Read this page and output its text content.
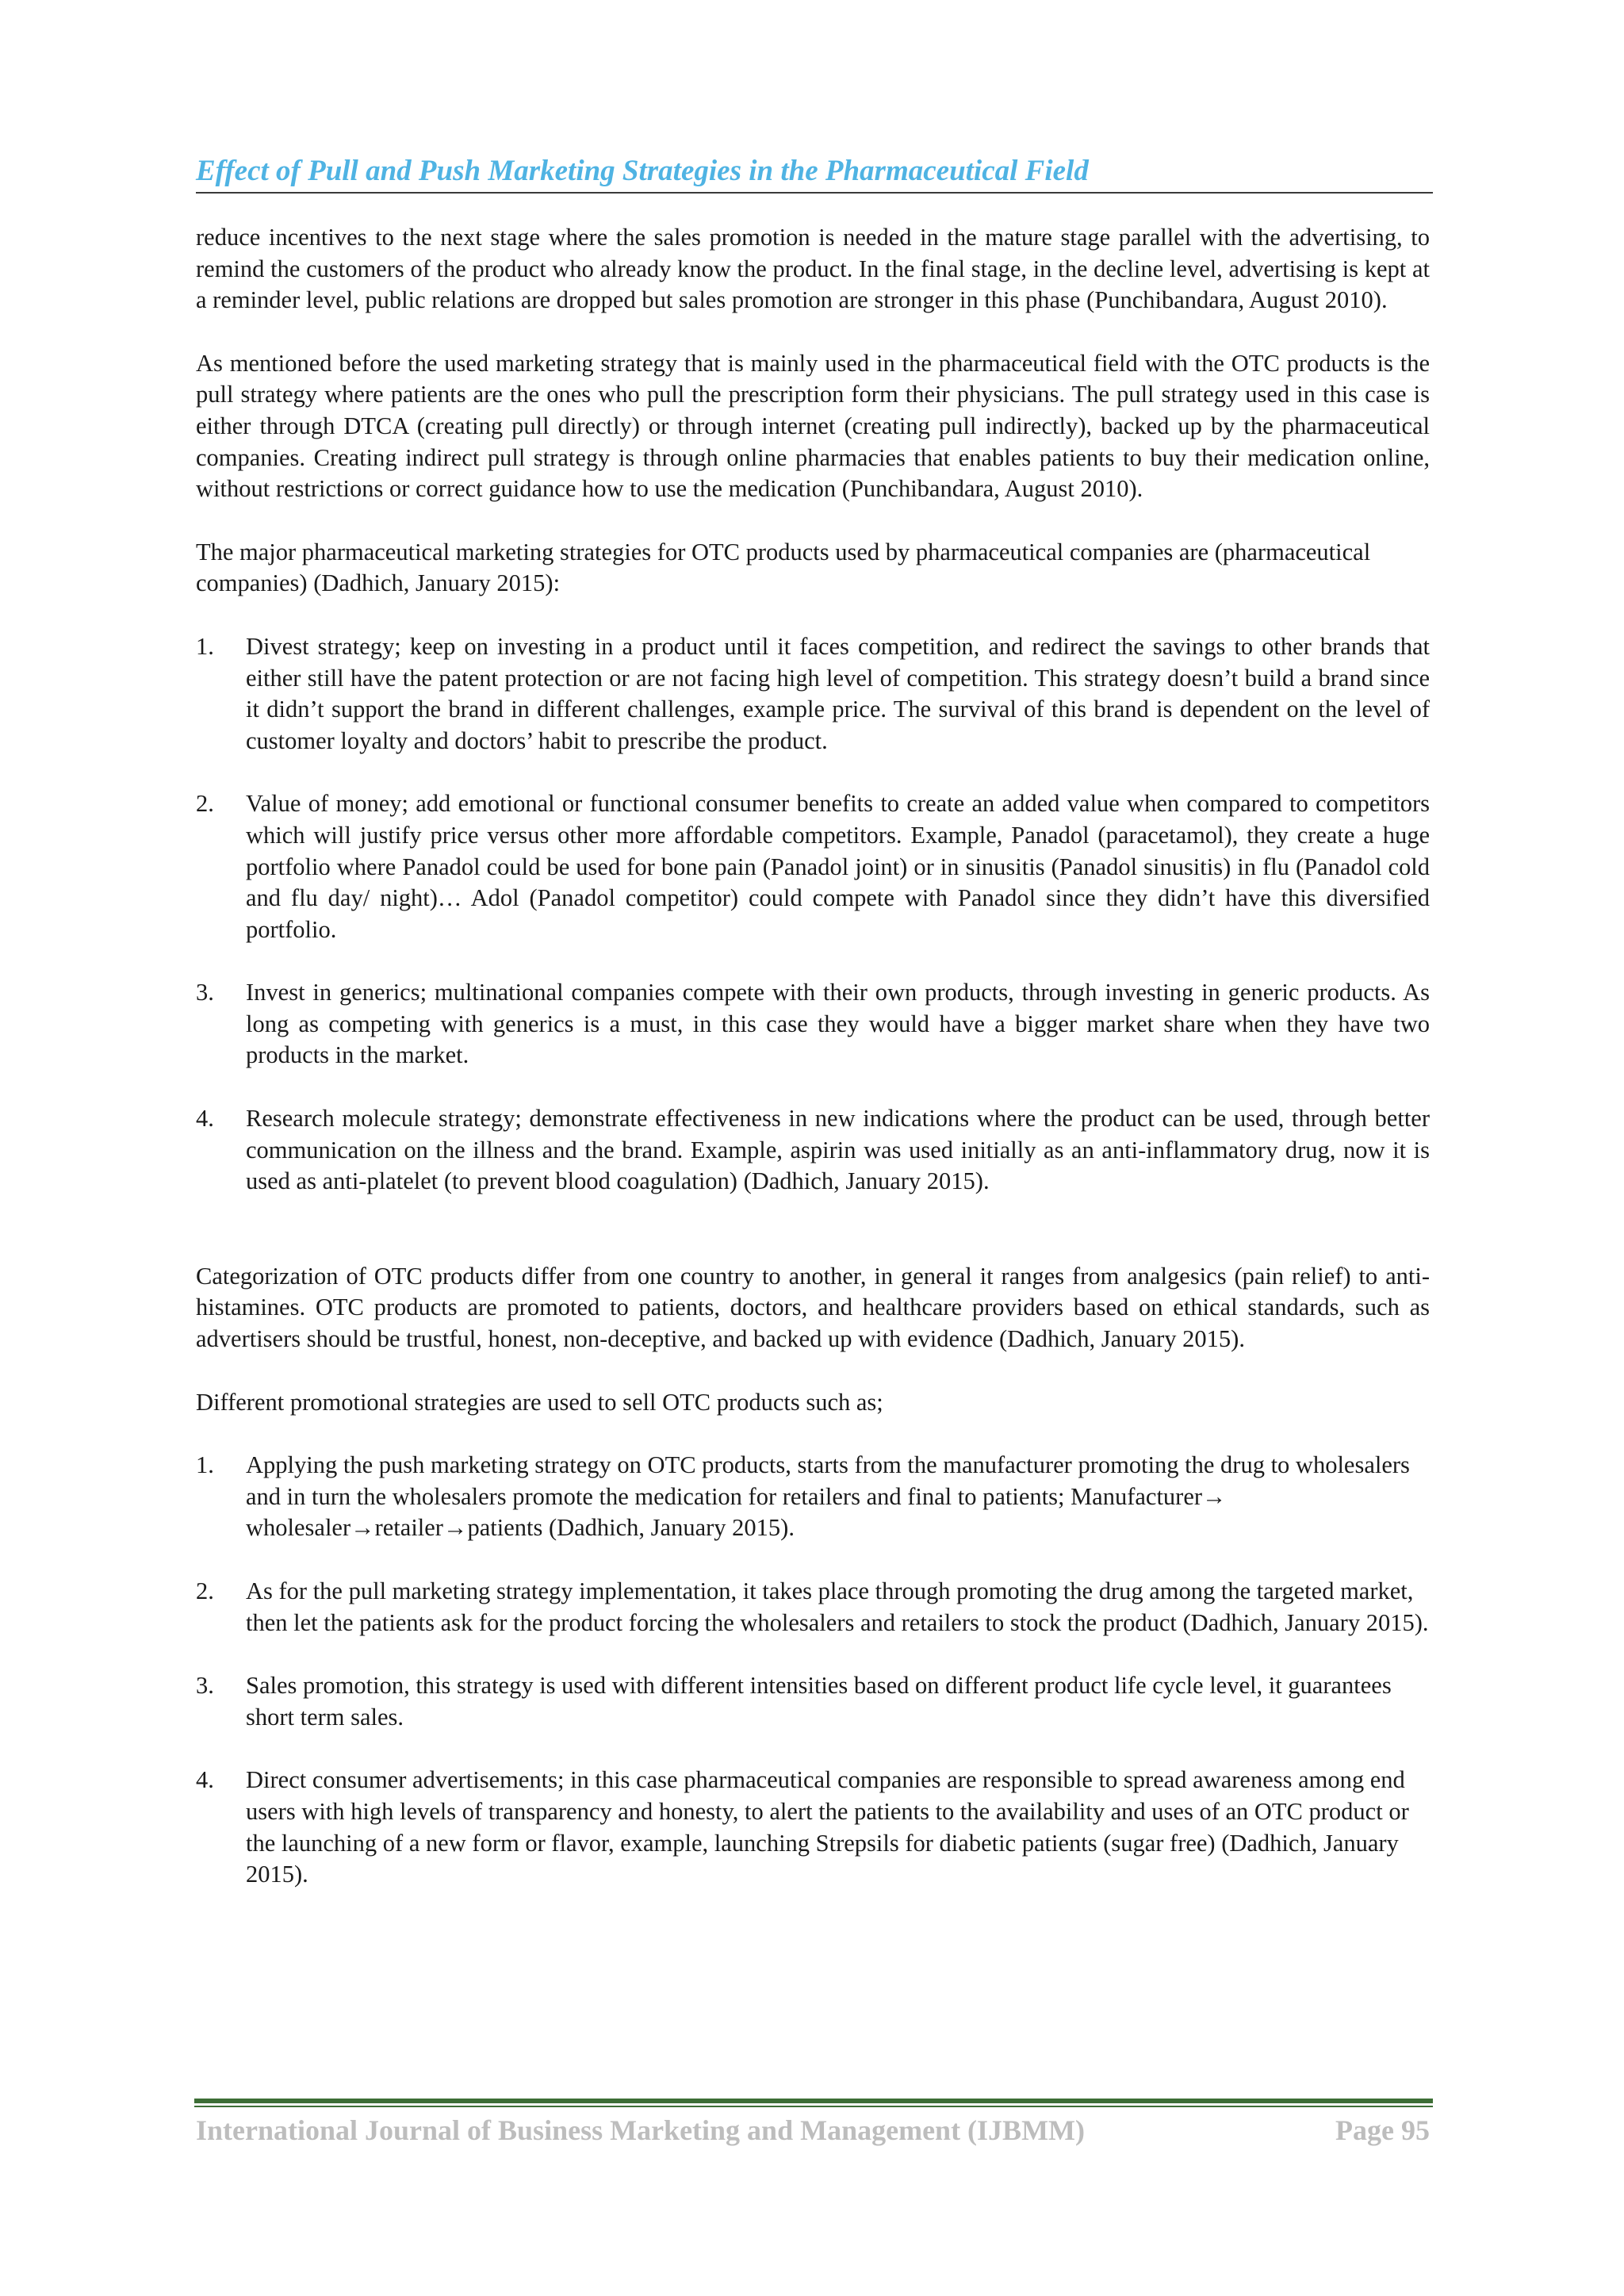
Effect of Pull and Push Marketing Strategies in the Pharmaceutical Field

reduce incentives to the next stage where the sales promotion is needed in the mature stage parallel with the advertising, to remind the customers of the product who already know the product. In the final stage, in the decline level, advertising is kept at a reminder level, public relations are dropped but sales promotion are stronger in this phase (Punchibandara, August 2010).

As mentioned before the used marketing strategy that is mainly used in the pharmaceutical field with the OTC products is the pull strategy where patients are the ones who pull the prescription form their physicians. The pull strategy used in this case is either through DTCA (creating pull directly) or through internet (creating pull indirectly), backed up by the pharmaceutical companies. Creating indirect pull strategy is through online pharmacies that enables patients to buy their medication online, without restrictions or correct guidance how to use the medication (Punchibandara, August 2010).

The major pharmaceutical marketing strategies for OTC products used by pharmaceutical companies are (pharmaceutical companies) (Dadhich, January 2015):

1. Divest strategy; keep on investing in a product until it faces competition, and redirect the savings to other brands that either still have the patent protection or are not facing high level of competition. This strategy doesn’t build a brand since it didn’t support the brand in different challenges, example price. The survival of this brand is dependent on the level of customer loyalty and doctors’ habit to prescribe the product.
2. Value of money; add emotional or functional consumer benefits to create an added value when compared to competitors which will justify price versus other more affordable competitors. Example, Panadol (paracetamol), they create a huge portfolio where Panadol could be used for bone pain (Panadol joint) or in sinusitis (Panadol sinusitis) in flu (Panadol cold and flu day/ night)… Adol (Panadol competitor) could compete with Panadol since they didn’t have this diversified portfolio.
3. Invest in generics; multinational companies compete with their own products, through investing in generic products. As long as competing with generics is a must, in this case they would have a bigger market share when they have two products in the market.
4. Research molecule strategy; demonstrate effectiveness in new indications where the product can be used, through better communication on the illness and the brand. Example, aspirin was used initially as an anti-inflammatory drug, now it is used as anti-platelet (to prevent blood coagulation) (Dadhich, January 2015).

Categorization of OTC products differ from one country to another, in general it ranges from analgesics (pain relief) to anti- histamines. OTC products are promoted to patients, doctors, and healthcare providers based on ethical standards, such as advertisers should be trustful, honest, non-deceptive, and backed up with evidence (Dadhich, January 2015).

Different promotional strategies are used to sell OTC products such as;

1. Applying the push marketing strategy on OTC products, starts from the manufacturer promoting the drug to wholesalers and in turn the wholesalers promote the medication for retailers and final to patients; Manufacturer→ wholesaler→retailer→patients (Dadhich, January 2015).
2. As for the pull marketing strategy implementation, it takes place through promoting the drug among the targeted market, then let the patients ask for the product forcing the wholesalers and retailers to stock the product (Dadhich, January 2015).
3. Sales promotion, this strategy is used with different intensities based on different product life cycle level, it guarantees short term sales.
4. Direct consumer advertisements; in this case pharmaceutical companies are responsible to spread awareness among end users with high levels of transparency and honesty, to alert the patients to the availability and uses of an OTC product or the launching of a new form or flavor, example, launching Strepsils for diabetic patients (sugar free) (Dadhich, January 2015).
International Journal of Business Marketing and Management (IJBMM)	Page 95
